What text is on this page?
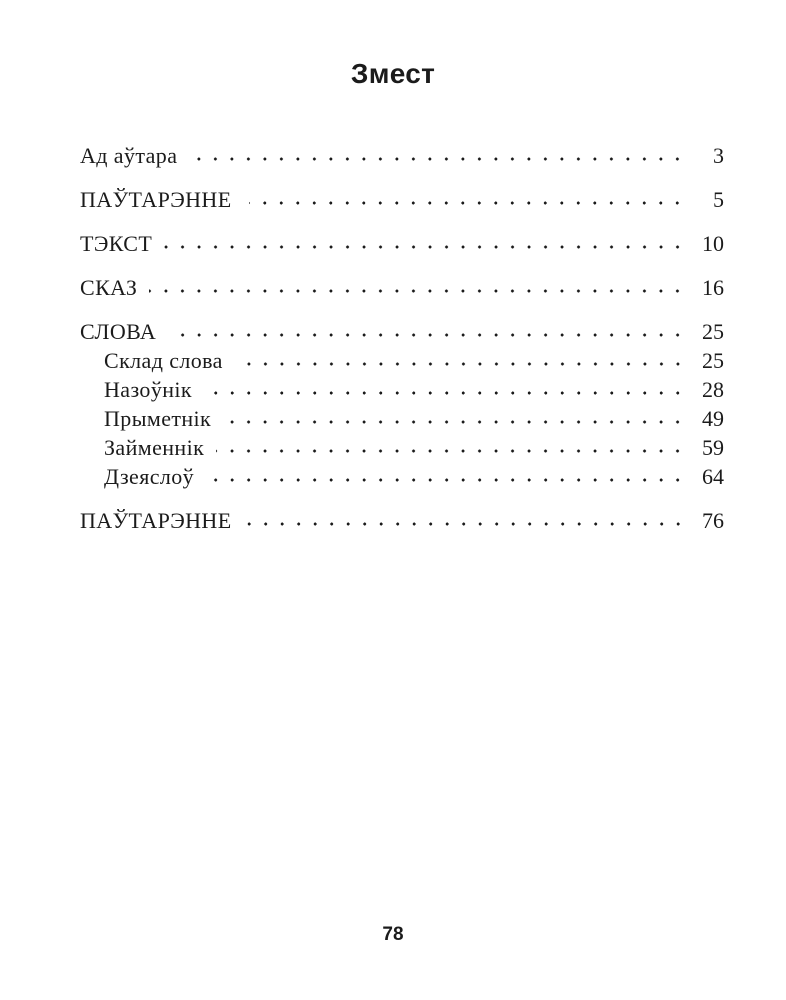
Змест
Ад аўтара	3
ПАЎТАРЭННЕ	5
ТЭКСТ	10
СКАЗ	16
СЛОВА	25
Склад слова	25
Назоўнік	28
Прыметнік	49
Займеннік	59
Дзеяслоў	64
ПАЎТАРЭННЕ	76
78
